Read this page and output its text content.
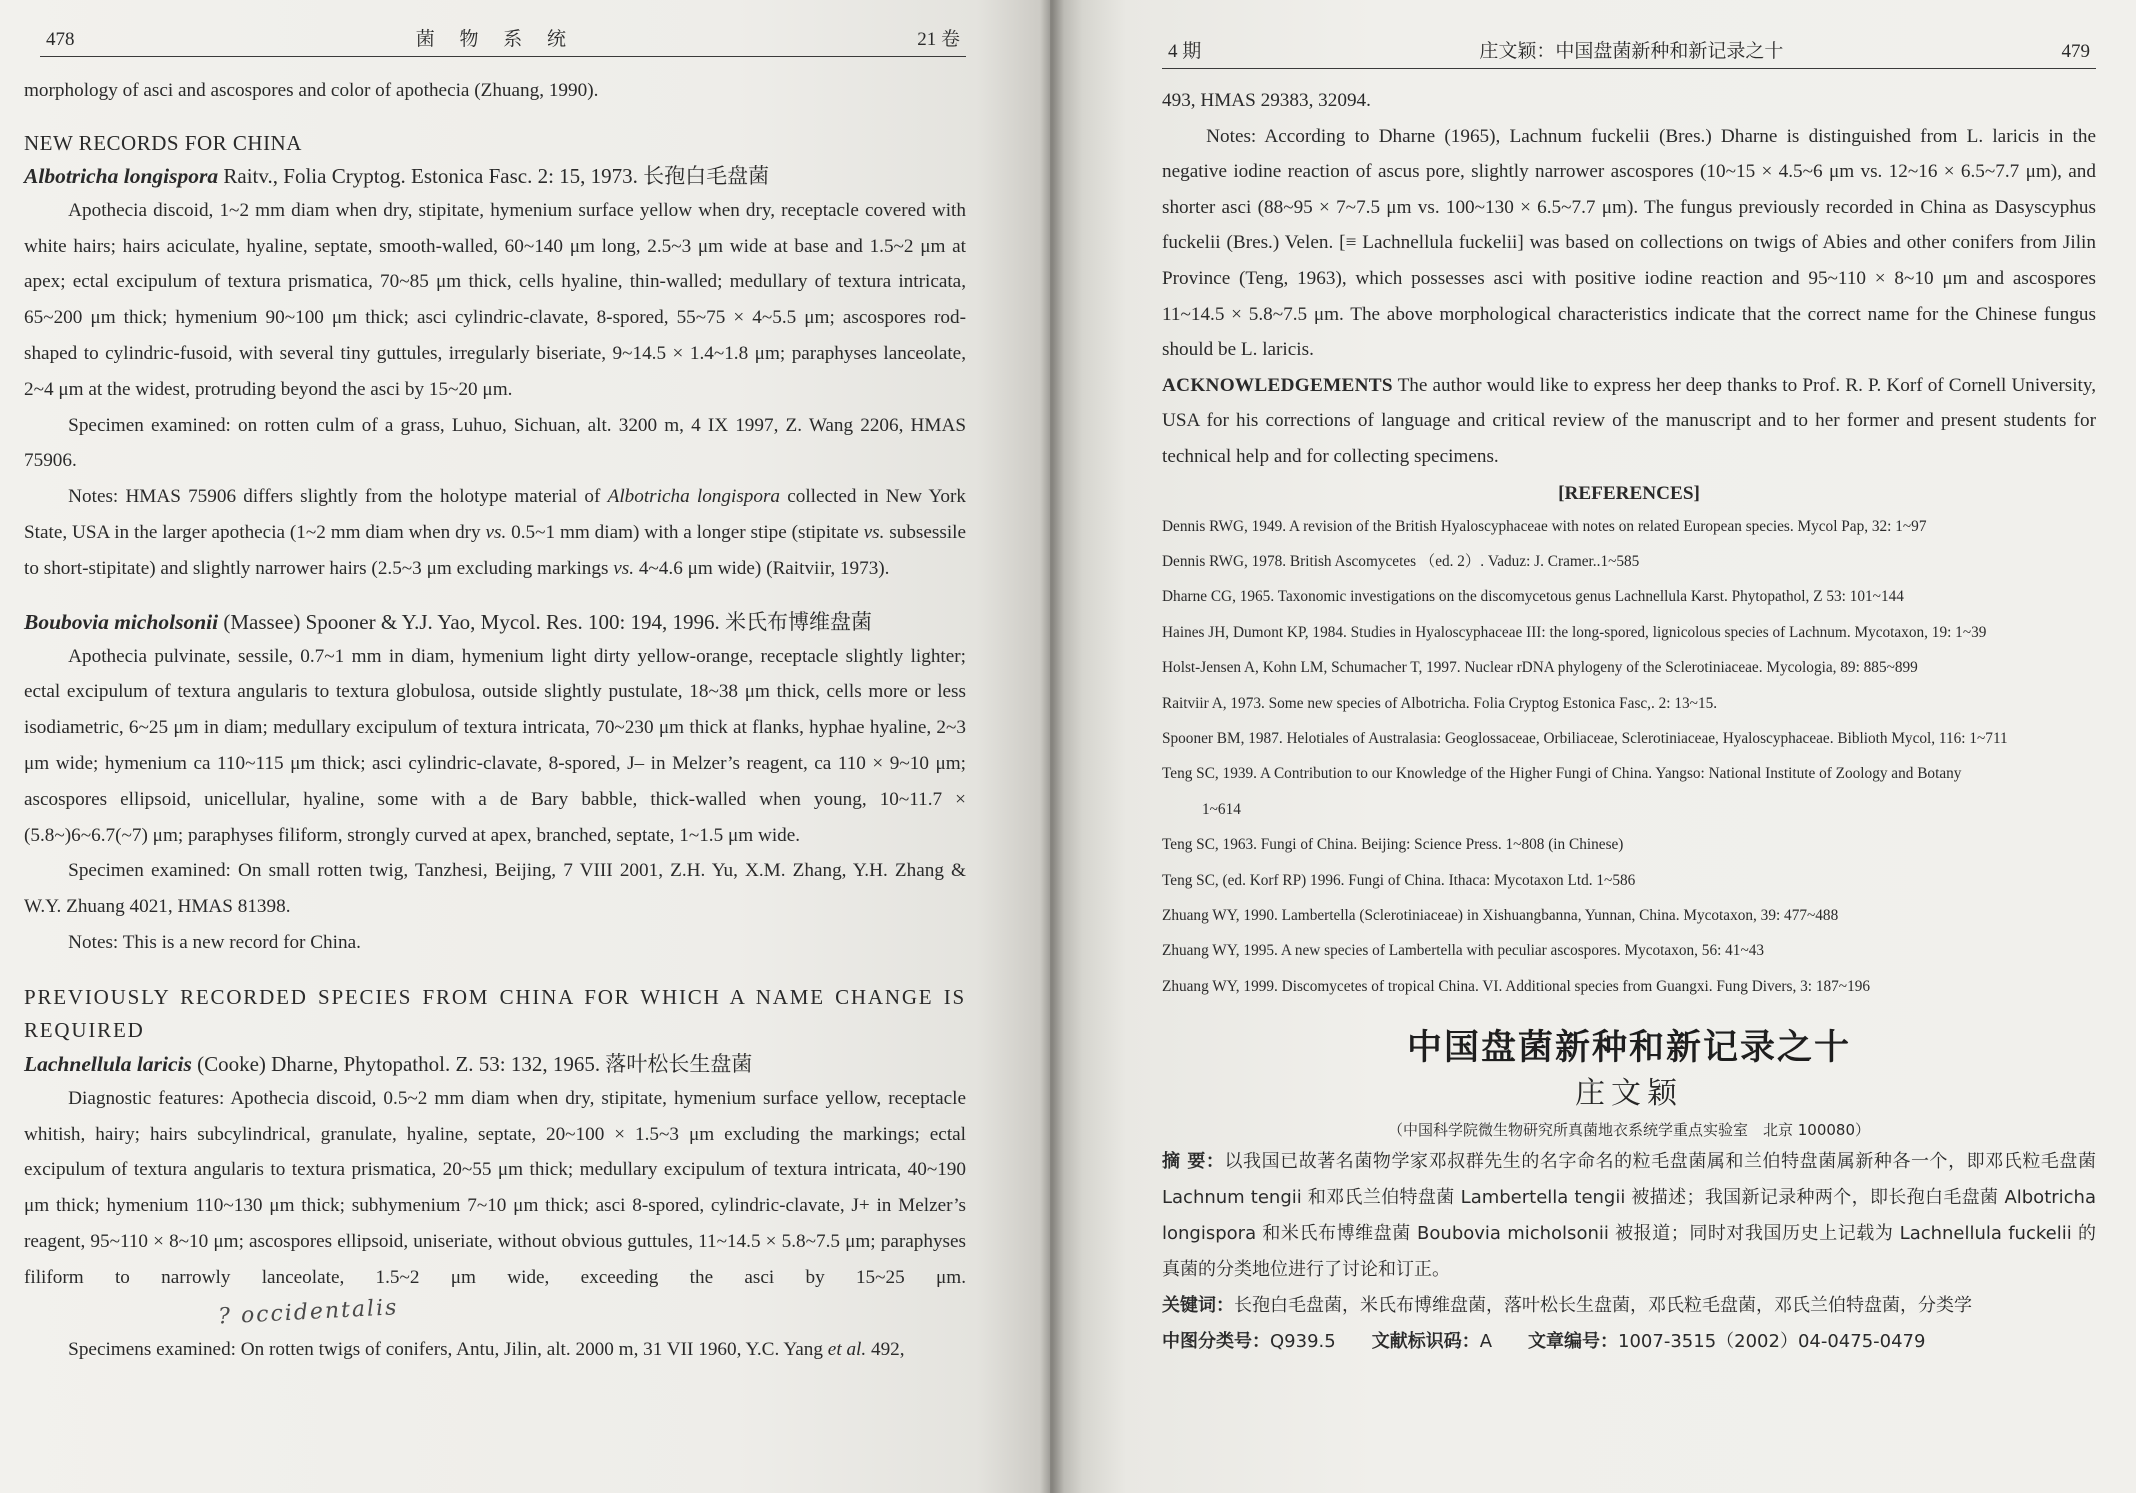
478	菌 物 系 统	21 卷

morphology of asci and ascospores and color of apothecia (Zhuang, 1990).

NEW RECORDS FOR CHINA

Albotricha longispora Raitv., Folia Cryptog. Estonica Fasc. 2: 15, 1973. 长孢白毛盘菌

Apothecia discoid, 1~2 mm diam when dry, stipitate, hymenium surface yellow when dry, receptacle covered with white hairs; hairs aciculate, hyaline, septate, smooth-walled, 60~140 μm long, 2.5~3 μm wide at base and 1.5~2 μm at apex; ectal excipulum of textura prismatica, 70~85 μm thick, cells hyaline, thin-walled; medullary of textura intricata, 65~200 μm thick; hymenium 90~100 μm thick; asci cylindric-clavate, 8-spored, 55~75 × 4~5.5 μm; ascospores rod-shaped to cylindric-fusoid, with several tiny guttules, irregularly biseriate, 9~14.5 × 1.4~1.8 μm; paraphyses lanceolate, 2~4 μm at the widest, protruding beyond the asci by 15~20 μm.

Specimen examined: on rotten culm of a grass, Luhuo, Sichuan, alt. 3200 m, 4 IX 1997, Z. Wang 2206, HMAS 75906.

Notes: HMAS 75906 differs slightly from the holotype material of Albotricha longispora collected in New York State, USA in the larger apothecia (1~2 mm diam when dry vs. 0.5~1 mm diam) with a longer stipe (stipitate vs. subsessile to short-stipitate) and slightly narrower hairs (2.5~3 μm excluding markings vs. 4~4.6 μm wide) (Raitviir, 1973).

Boubovia micholsonii (Massee) Spooner & Y.J. Yao, Mycol. Res. 100: 194, 1996. 米氏布博维盘菌

Apothecia pulvinate, sessile, 0.7~1 mm in diam, hymenium light dirty yellow-orange, receptacle slightly lighter; ectal excipulum of textura angularis to textura globulosa, outside slightly pustulate, 18~38 μm thick, cells more or less isodiametric, 6~25 μm in diam; medullary excipulum of textura intricata, 70~230 μm thick at flanks, hyphae hyaline, 2~3 μm wide; hymenium ca 110~115 μm thick; asci cylindric-clavate, 8-spored, J– in Melzer’s reagent, ca 110 × 9~10 μm; ascospores ellipsoid, unicellular, hyaline, some with a de Bary babble, thick-walled when young, 10~11.7 × (5.8~)6~6.7(~7) μm; paraphyses filiform, strongly curved at apex, branched, septate, 1~1.5 μm wide.

Specimen examined: On small rotten twig, Tanzhesi, Beijing, 7 VIII 2001, Z.H. Yu, X.M. Zhang, Y.H. Zhang & W.Y. Zhuang 4021, HMAS 81398.

Notes: This is a new record for China.

PREVIOUSLY RECORDED SPECIES FROM CHINA FOR WHICH A NAME CHANGE IS REQUIRED

Lachnellula laricis (Cooke) Dharne, Phytopathol. Z. 53: 132, 1965. 落叶松长生盘菌

Diagnostic features: Apothecia discoid, 0.5~2 mm diam when dry, stipitate, hymenium surface yellow, receptacle whitish, hairy; hairs subcylindrical, granulate, hyaline, septate, 20~100 × 1.5~3 μm excluding the markings; ectal excipulum of textura angularis to textura prismatica, 20~55 μm thick; medullary excipulum of textura intricata, 40~190 μm thick; hymenium 110~130 μm thick; subhymenium 7~10 μm thick; asci 8-spored, cylindric-clavate, J+ in Melzer’s reagent, 95~110 × 8~10 μm; ascospores ellipsoid, uniseriate, without obvious guttules, 11~14.5 × 5.8~7.5 μm; paraphyses filiform to narrowly lanceolate, 1.5~2 μm wide, exceeding the asci by 15~25 μm.? occidentalis

Specimens examined: On rotten twigs of conifers, Antu, Jilin, alt. 2000 m, 31 VII 1960, Y.C. Yang et al. 492,

4 期	庄文颖：中国盘菌新种和新记录之十	479

493, HMAS 29383, 32094.

Notes: According to Dharne (1965), Lachnum fuckelii (Bres.) Dharne is distinguished from L. laricis in the negative iodine reaction of ascus pore, slightly narrower ascospores (10~15 × 4.5~6 μm vs. 12~16 × 6.5~7.7 μm), and shorter asci (88~95 × 7~7.5 μm vs. 100~130 × 6.5~7.7 μm). The fungus previously recorded in China as Dasyscyphus fuckelii (Bres.) Velen. [≡ Lachnellula fuckelii] was based on collections on twigs of Abies and other conifers from Jilin Province (Teng, 1963), which possesses asci with positive iodine reaction and 95~110 × 8~10 μm and ascospores 11~14.5 × 5.8~7.5 μm. The above morphological characteristics indicate that the correct name for the Chinese fungus should be L. laricis.

ACKNOWLEDGEMENTS The author would like to express her deep thanks to Prof. R. P. Korf of Cornell University, USA for his corrections of language and critical review of the manuscript and to her former and present students for technical help and for collecting specimens.

[REFERENCES]

Dennis RWG, 1949. A revision of the British Hyaloscyphaceae with notes on related European species. Mycol Pap, 32: 1~97

Dennis RWG, 1978. British Ascomycetes （ed. 2）. Vaduz: J. Cramer..1~585

Dharne CG, 1965. Taxonomic investigations on the discomycetous genus Lachnellula Karst. Phytopathol, Z 53: 101~144

Haines JH, Dumont KP, 1984. Studies in Hyaloscyphaceae III: the long-spored, lignicolous species of Lachnum. Mycotaxon, 19: 1~39

Holst-Jensen A, Kohn LM, Schumacher T, 1997. Nuclear rDNA phylogeny of the Sclerotiniaceae. Mycologia, 89: 885~899

Raitviir A, 1973. Some new species of Albotricha. Folia Cryptog Estonica Fasc,. 2: 13~15.

Spooner BM, 1987. Helotiales of Australasia: Geoglossaceae, Orbiliaceae, Sclerotiniaceae, Hyaloscyphaceae. Biblioth Mycol, 116: 1~711

Teng SC, 1939. A Contribution to our Knowledge of the Higher Fungi of China. Yangso: National Institute of Zoology and Botany

1~614

Teng SC, 1963. Fungi of China. Beijing: Science Press. 1~808 (in Chinese)

Teng SC, (ed. Korf RP) 1996. Fungi of China. Ithaca: Mycotaxon Ltd. 1~586

Zhuang WY, 1990. Lambertella (Sclerotiniaceae) in Xishuangbanna, Yunnan, China. Mycotaxon, 39: 477~488

Zhuang WY, 1995. A new species of Lambertella with peculiar ascospores. Mycotaxon, 56: 41~43

Zhuang WY, 1999. Discomycetes of tropical China. VI. Additional species from Guangxi. Fung Divers, 3: 187~196

中国盘菌新种和新记录之十
庄文颖
（中国科学院微生物研究所真菌地衣系统学重点实验室　北京 100080）

摘 要：以我国已故著名菌物学家邓叔群先生的名字命名的粒毛盘菌属和兰伯特盘菌属新种各一个，即邓氏粒毛盘菌 Lachnum tengii 和邓氏兰伯特盘菌 Lambertella tengii 被描述；我国新记录种两个，即长孢白毛盘菌 Albotricha longispora 和米氏布博维盘菌 Boubovia micholsonii 被报道；同时对我国历史上记载为 Lachnellula fuckelii 的真菌的分类地位进行了讨论和订正。

关键词：长孢白毛盘菌，米氏布博维盘菌，落叶松长生盘菌，邓氏粒毛盘菌，邓氏兰伯特盘菌，分类学

中图分类号：Q939.5　　 文献标识码：A　　 文章编号：1007-3515（2002）04-0475-0479
